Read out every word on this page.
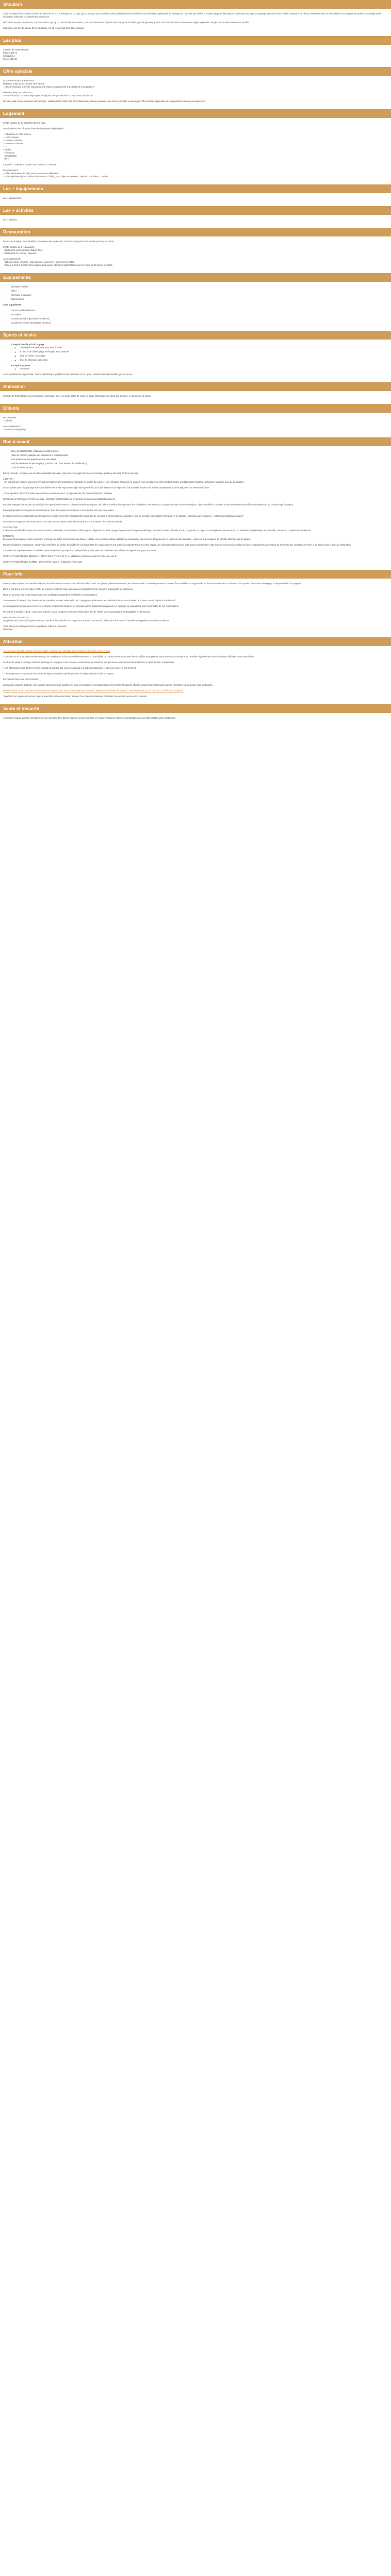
Situation

Situé en Afrique francophone à moins de 6 heures de vol, le Sénégal est un pays qui ne manque pas d'attraits. Doté (Dakar) du climat ensoleillé tendu de falaises gréseuses, le Sénégal est l'une des plus belles et les plus propices destinations touristiques du pays. Le paysage est entre mer et forêts ouvertes et un réseau d'infrastructures et d'installations touristiques de qualité. Le Sénégal est la destination balnéaire et culturelle par excellence.

Découvrez les parcs nationaux, comme celui du Djoudj, ou celui du delta du Saloum, que les Casamance, régions avec mangrove et forêts, pays de greniers grands. Pour des vacances tournées ver plages agréables, les plus importantes touristes de qualité.

Club situé à 12 km de Mbour, 80 km de Dakar et à 45 km de l'aéroport Blaise Diagne.

Les plus

À 500 m du centre de Saly
Plage à 150 m
Spot piscine
Séjour détente

Offre spéciale

VOS AVANTAGES PLEIN VENT
Réservez jusqu'au 31/10/2019 hors saison :
- 10% de réduction sur votre séjour pour les séjours compris entre le 01/05/2019 et 31/10/2019.

Réservez jusqu'au 15/03/2019 :
- 5% de réduction sur votre séjour pour les séjours compris entre le 01/04/2019 et 30/10/2019.

Remises déjà incluses dans les tarifs en ligne, valable dans la limite des offres disponibles et non cumulable avec toute autre offre ou avantage. Offre spéciale applicable sur les prestations hôtelières uniquement.

Logement

L'hôtel dispose de 64 chambres dont 9 villas.

Les chambres sont réparties dans des bungalows de plain-pied.

- 1 lit double ou 2 lits simples
- 1 salon séparé
- Douche et toilettes
- Terrasse ou balcon
- TV
- Minibar
- Téléphone
- Climatisation
- Wi-Fi

Capacité : 3 adultes + 1 enfant ou 2 adultes + 2 enfants.

En supplément :
- Coffre fort (à partir de 4€/j, sous réserve de modification).
- Suite Supérieure (50m²) même équipement. 1 lit king size, séjour et terrasse. Capacité : 2 adultes + 1 enfant.

Les + équipements

Les + équipements

Les + activités

Les + activités

Restauration

Durant votre séjour, vous bénéficiez du service des repas avec 1 boisson par personne à volonté pendant les repas.

L'hôtel dispose de 2 restaurants :
- Restaurant gastronomique 'Dakar' dîner
- Restaurant à la Piscine, Déjeuner

Avec supplément :
- Option pension complète : petit-déjeuner, déjeuner et dîner servis à table.
- Service à thème 'Soirée' selon cuisine de la région, et menu 2 plats 'Tapas' pour les moins de 18 ans et à volonté.

Equipements
• Réception 24h/24
• Wi-Fi
• Consigne à bagages
• Blanchisserie

Avec supplément :

• Service de blanchisserie
• Boutiques
• Location de vélos (prestataire extérieur)
• Location de voiture (prestataire extérieur)
Sports et loisirs
• Compris dans le prix du voyage
◦ Grande piscine extérieure avec bain à bulles
◦ 6 / 320 m de l'hôtel, plage aménagée avec parasols
◦ Salle de fitness, massages
◦ Jeux de pétanque, ping-pong
• En option payante
◦ Massages

Avec supplément et à proximité : casino, discothèque, golf (18 trous), équitation (13 €), quad, croisière des mers, balade, pêche en mer.

Animation

L'équipe de l'hôtel propose un programme d'animation léger, en soirée défilé de mode ou soirée folklorique, spectacle par semaine, en dehors de la saison.

Enfants

Par demande :
- Lit bébé

Avec supplément :
- Service de babysitting

Bon à savoir
• Dîner de Noël (24/12) et Nouvel An (31/12) inclus.
• Taux de chambre adaptée aux personnes à mobilité réduite.
• Les animaux de compagnie ne sont pas admis.
• Prêt de serviettes de piscine/plage (caution 15 €, sous réserve de modification).
• Taxe de séjour incluse.

Bonne nouvelle : Compte tenu de votre nationalité française, vous pouvez voyager librement au Sénégal quel que soit votre schéma vaccinal.

A NOTER :
- En cas d'arrivée tardive, vous devrez vous présenter dès le lendemain à l'aéroport ou auprès de la police. Les formalités sanitaires en vigueur. Pour un retour sur votre territoire, toutes les dispositions sanitaires préconisées dans le pays de destination.

Les modalités pour chaque pays sont consultables sur le site https://www.diplomatie.gouv.fr/fr/ La faculté d'entrer et de séjourner : les autorités locales sont seules compétentes pour les séjours et se réservent le droit.

- Pour rejoindre l'aéroport il existe désormais un nouvel aéroport. Le trajet sera de 1h15 depuis l'aéroport et Dakar.

Concernant les formalités d'entrée au pays : Consultez les formalités sur le site Bon Voyage (www.diplomatie.gouv.fr).

Pour les voyageurs se rendant au Sénégal, les rappels concernant la politique sanitaire en vigueur. Afin d'être actuelles, elles peuvent être modifiées à tout moment, y compris pendant la durée du séjour. Il est conseillé de consulter le site du ministère des Affaires étrangères et du Conseil Pays étrangers.

Passeport (valide 6 mois après la date de retour). Pour les séjours de moins de 3 mois, le visa n'est pas nécessaire.

Le règlement hors-contrat relatif aux formalités de voyage et d'entrée est disponible à l'agence de voyages. Il est conseillé de consulter le site du ministère des Affaires étrangères à la rubrique « Conseils aux voyageurs ». https://www.diplomatie.gouv.fr/

Les mineurs voyageant sans leurs parents ou avec un seul parent doivent être munis d'une autorisation de sortie de territoire.

VACCINATION
Il est recommandé d'être à jour de ses vaccinations habituelles. Vaccin contre la fièvre jaune obligatoire pour les voyageurs provenant d'un pays endémique. Le vaccin contre l'hépatite A et B, la typhoïde, la rage et la méningite est recommandé. Un traitement antipaludique est conseillé ; demandez conseil à votre médecin.

DANGERS
En cas de forte chaleur, évitez l'exposition prolongée au soleil, buvez beaucoup d'eau et utilisez une protection solaire adaptée. Les baignades peuvent être dangereuses en raison de forts courants ; respectez les consignes de sécurité affichées sur les plages.

Recommandations importantes : Nous vous conseillons de vérifier la validité de vos documents de voyage auprès des autorités compétentes avant votre départ. Les informations figurant sur cette page sont données à titre indicatif et sont susceptibles d'évoluer. Il appartient au voyageur de s'informer des conditions d'entrée et de séjour dans le pays de destination.

L'adresse des représentations consulaires et les informations pratiques sont disponibles sur les sites des ministères des Affaires étrangères des pays concernés.

COURANT ÉLECTRIQUE SÉNÉGAL : 230V à 50Hz. Type C, D, E, K. Adaptateur nécessaire pour les prises de type D.

COURANT ÉLECTRIQUE GAMBIE : 230V à 50Hz. Type G. Adaptateur nécessaire.

Pour Info

Vous trouverez en ces commentaires la liste des informations correspondant à l'hôtel sélectionné. Les photos présentées ne sont pas contractuelles. Certaines prestations peuvent être modifiées ou supprimées en fonction de la saison ou du taux d'occupation, sans que cela engage la responsabilité du voyagiste.

Dans le cas d'une surréservation, l'hôtel se réserve le droit de vous loger dans un établissement de catégorie équivalente ou supérieure.

Nous ne pouvons être tenus responsables de modifications apportées par l'hôtel à ses prestations.

La connexion à l'aéroport, les horaires et les transferts peuvent varier selon les compagnies aériennes et les conditions de vol. Les horaires de vol sont communiqués à titre indicatif.

Les compagnies aériennes se réservent le droit de modifier les horaires, les itinéraires et les appareils sans préavis. Le voyagiste ne saurait être tenu responsable de ces modifications.

Personnes à mobilité réduite : nous vous invitons à nous contacter avant votre réservation afin de vérifier que les prestations sont adaptées à vos besoins.

PRÉCISION DESCRIPTIF
Les photos et les descriptifs présentés sont donnés à titre indicatif et n'ont pas de caractère contractuel. L'hôtel peut être amené à modifier ou supprimer certaines prestations.

Votre séjour est aussi pour le tour, proposition, même si le hasard...
Plein bien

Attention

* Mesures de sécurité sanitaire sur les voyages : mesures de restriction sur les liaisons aériennes vers la région

* Dans le cas où la situation sanitaire évolue, les conditions d'accès aux établissements et la disponibilité de certains services peuvent être modifiées sans préavis. Nous vous recommandons de consulter régulièrement les informations officielles avant votre départ.

Les frais de santé à l'étranger restent à la charge du voyageur. Il est vivement recommandé de souscrire une assurance couvrant les frais médicaux, le rapatriement et l'annulation.

* Les informations sont données à titre indicatif sur la base des éléments connus à la date de publication et peuvent évoluer à tout moment.

* L'hébergement et le transport font l'objet de règles sanitaires spécifiques selon la réglementation locale en vigueur.

INFORMATIONS AUX VOYAGEURS

La situation sanitaire, politique et sécuritaire pouvant évoluer rapidement, nous vous invitons à consulter régulièrement les informations officielles avant votre départ ainsi que les formalités requises pour votre destination.

Ministère de la Santé : consultez le site www.sante.gouv.fr pour les recommandations sanitaires. Ministère des Affaires étrangères : www.diplomatie.gouv.fr rubrique Conseils aux voyageurs.

Toutefois il est rappelé qu'aucune règle ne interdit la sortie du territoire national. Pour plus d'informations, contactez directement notre service clientèle.

Santé et Sécurité

Avant votre départ, veuillez consulter le site du ministère des Affaires étrangères pour connaître les risques sanitaires et les recommandations de sécurité relatifs à votre destination.
